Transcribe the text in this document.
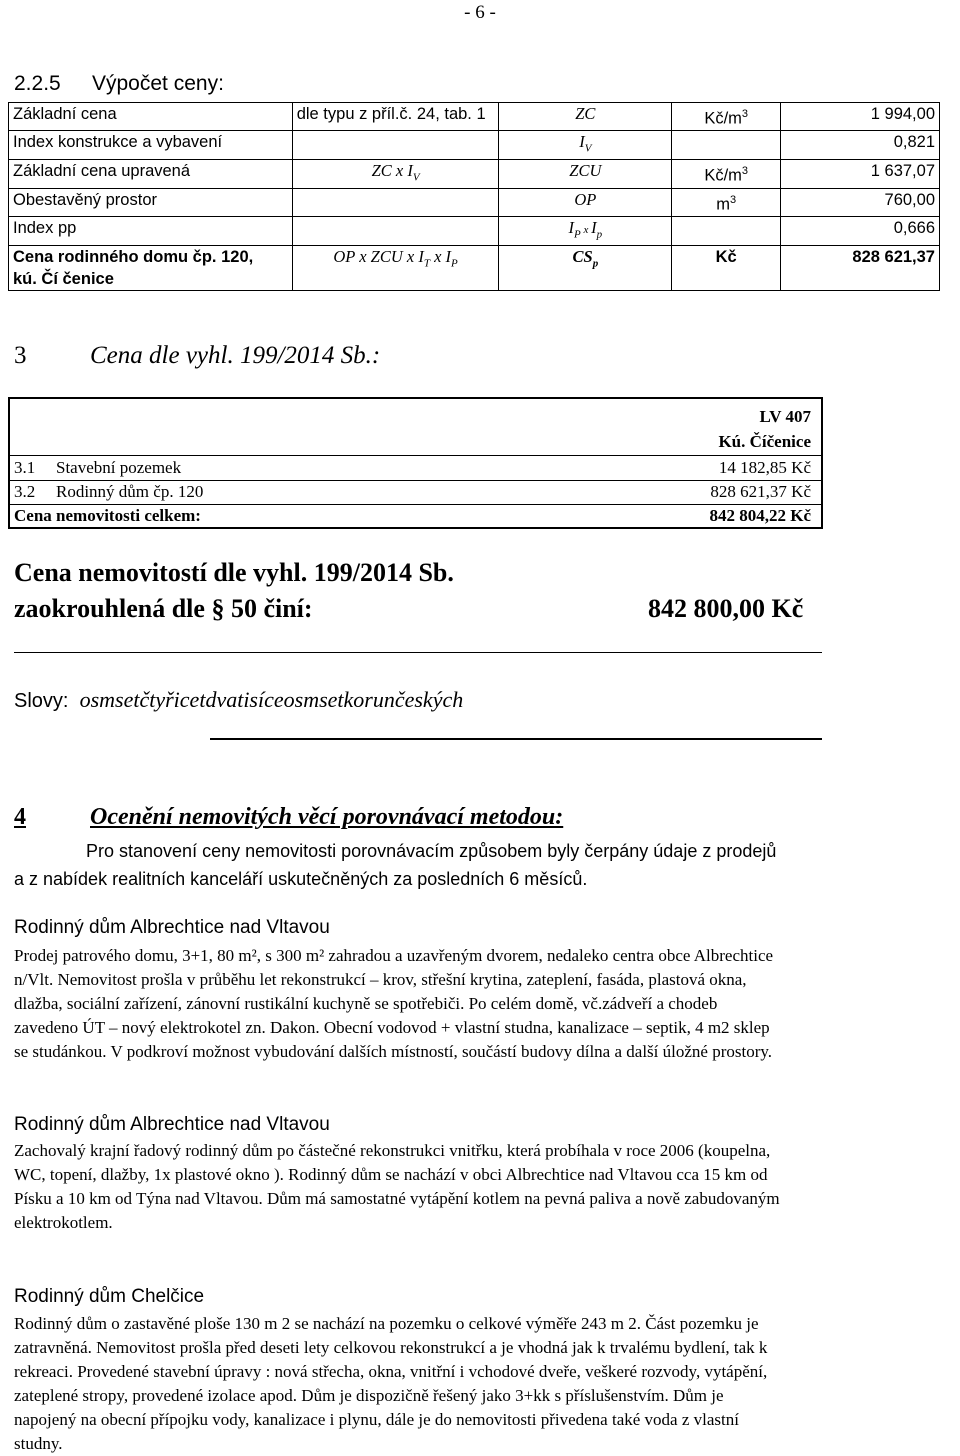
- 6 -
2.2.5 Výpočet ceny:
Základní cena	dle typu z příl.č. 24, tab. 1	ZC	$Kč/m^3$	1 994,00
Index konstrukce a vybavení		$I_V$		0,821
Základní cena upravená	ZC x $I_V$	ZCU	$Kč/m^3$	1 637,07
Obestavěný prostor		OP	$m^3$	760,00
Index pp		$I_P$ x $I_p$		0,666

Cena rodinného domu čp. 120,
kú. Čí čenice	OP x ZCU x $I_T$ x $I_P$	$CS_p$	Kč	828 621,37
3	Cena dle vyhl. 199/2014 Sb.:
LV 407
Kú. Číčenice
3.1 Stavební pozemek	14 182,85 Kč
3.2 Rodinný dům čp. 120	828 621,37 Kč
Cena nemovitosti celkem:	842 804,22 Kč
Cena nemovitostí dle vyhl. 199/2014 Sb.
zaokrouhlená dle § 50 činí:	842 800,00 Kč
Slovy: osmsetčtyřicetdvatisíceosmsetkorunčeských
4	Ocenění nemovitých věcí porovnávací metodou:
Pro stanovení ceny nemovitosti porovnávacím způsobem byly čerpány údaje z prodejů
a z nabídek realitních kanceláří uskutečněných za posledních 6 měsíců.
Rodinný dům Albrechtice nad Vltavou
Prodej patrového domu, 3+1, 80 m², s 300 m² zahradou a uzavřeným dvorem, nedaleko centra obce Albrechtice
n/Vlt. Nemovitost prošla v průběhu let rekonstrukcí – krov, střešní krytina, zateplení, fasáda, plastová okna,
dlažba, sociální zařízení, zánovní rustikální kuchyně se spotřebiči. Po celém domě, vč.zádveří a chodeb
zavedeno ÚT – nový elektrokotel zn. Dakon. Obecní vodovod + vlastní studna, kanalizace – septik, 4 m2 sklep
se studánkou. V podkroví možnost vybudování dalších místností, součástí budovy dílna a další úložné prostory.
Rodinný dům Albrechtice nad Vltavou
Zachovalý krajní řadový rodinný dům po částečné rekonstrukci vnitřku, která probíhala v roce 2006 (koupelna,
WC, topení, dlažby, 1x plastové okno ). Rodinný dům se nachází v obci Albrechtice nad Vltavou cca 15 km od
Písku a 10 km od Týna nad Vltavou. Dům má samostatné vytápění kotlem na pevná paliva a nově zabudovaným
elektrokotlem.
Rodinný dům Chelčice
Rodinný dům o zastavěné ploše 130 m 2 se nachází na pozemku o celkové výměře 243 m 2. Část pozemku je
zatravněná. Nemovitost prošla před deseti lety celkovou rekonstrukcí a je vhodná jak k trvalému bydlení, tak k
rekreaci. Provedené stavební úpravy : nová střecha, okna, vnitřní i vchodové dveře, veškeré rozvody, vytápění,
zateplené stropy, provedené izolace apod. Dům je dispozičně řešený jako 3+kk s příslušenstvím. Dům je
napojený na obecní přípojku vody, kanalizace i plynu, dále je do nemovitosti přivedena také voda z vlastní
studny.
